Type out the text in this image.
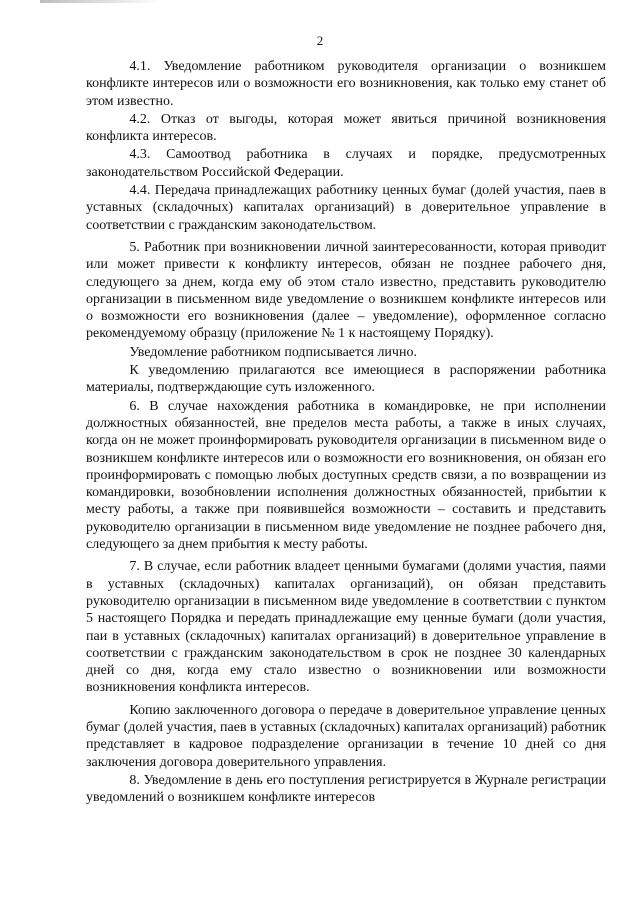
2

4.1. Уведомление работником руководителя организации о возникшем конфликте интересов или о возможности его возникновения, как только ему станет об этом известно.

4.2. Отказ от выгоды, которая может явиться причиной возникновения конфликта интересов.

4.3. Самоотвод работника в случаях и порядке, предусмотренных законодательством Российской Федерации.

4.4. Передача принадлежащих работнику ценных бумаг (долей участия, паев в уставных (складочных) капиталах организаций) в доверительное управление в соответствии с гражданским законодательством.

5. Работник при возникновении личной заинтересованности, которая приводит или может привести к конфликту интересов, обязан не позднее рабочего дня, следующего за днем, когда ему об этом стало известно, представить руководителю организации в письменном виде уведомление о возникшем конфликте интересов или о возможности его возникновения (далее – уведомление), оформленное согласно рекомендуемому образцу (приложение № 1 к настоящему Порядку).

Уведомление работником подписывается лично.

К уведомлению прилагаются все имеющиеся в распоряжении работника материалы, подтверждающие суть изложенного.

6. В случае нахождения работника в командировке, не при исполнении должностных обязанностей, вне пределов места работы, а также в иных случаях, когда он не может проинформировать руководителя организации в письменном виде о возникшем конфликте интересов или о возможности его возникновения, он обязан его проинформировать с помощью любых доступных средств связи, а по возвращении из командировки, возобновлении исполнения должностных обязанностей, прибытии к месту работы, а также при появившейся возможности – составить и представить руководителю организации в письменном виде уведомление не позднее рабочего дня, следующего за днем прибытия к месту работы.

7. В случае, если работник владеет ценными бумагами (долями участия, паями в уставных (складочных) капиталах организаций), он обязан представить руководителю организации в письменном виде уведомление в соответствии с пунктом 5 настоящего Порядка и передать принадлежащие ему ценные бумаги (доли участия, паи в уставных (складочных) капиталах организаций) в доверительное управление в соответствии с гражданским законодательством в срок не позднее 30 календарных дней со дня, когда ему стало известно о возникновении или возможности возникновения конфликта интересов.

Копию заключенного договора о передаче в доверительное управление ценных бумаг (долей участия, паев в уставных (складочных) капиталах организаций) работник представляет в кадровое подразделение организации в течение 10 дней со дня заключения договора доверительного управления.

8. Уведомление в день его поступления регистрируется в Журнале регистрации уведомлений о возникшем конфликте интересов
